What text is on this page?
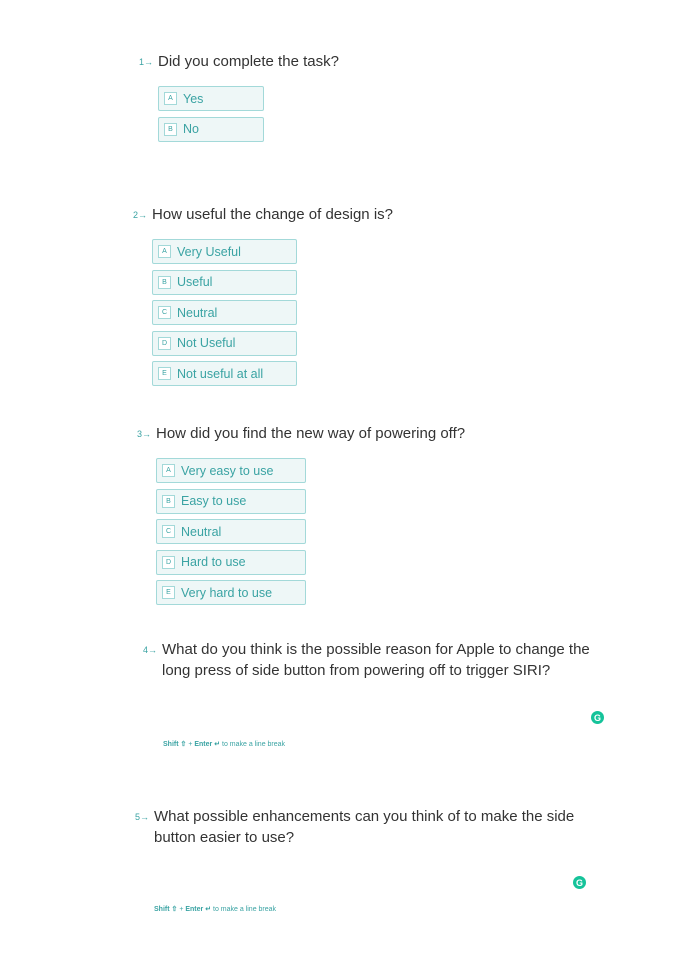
1→ Did you complete the task?
A Yes
B No
2→ How useful the change of design is?
A Very Useful
B Useful
C Neutral
D Not Useful
E Not useful at all
3→ How did you find the new way of powering off?
A Very easy to use
B Easy to use
C Neutral
D Hard to use
E Very hard to use
4→ What do you think is the possible reason for Apple to change the long press of side button from powering off to trigger SIRI?
5→ What possible enhancements can you think of to make the side button easier to use?
G
Shift ⇧ + Enter ↵ to make a line break
G
Shift ⇧ + Enter ↵ to make a line break
